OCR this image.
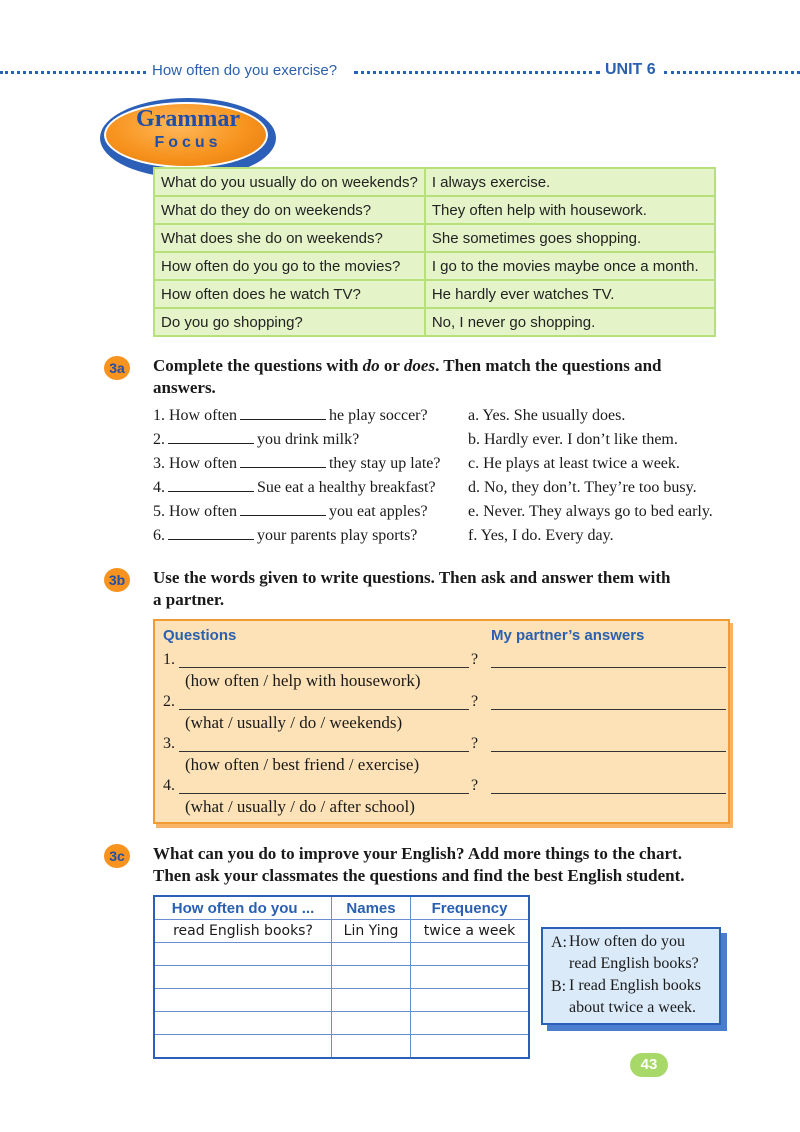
How often do you exercise?	UNIT 6
Grammar
Focus
What do you usually do on weekends?	I always exercise.
What do they do on weekends?	They often help with housework.
What does she do on weekends?	She sometimes goes shopping.
How often do you go to the movies?	I go to the movies maybe once a month.
How often does he watch TV?	He hardly ever watches TV.
Do you go shopping?	No, I never go shopping.
3a	Complete the questions with do or does. Then match the questions and
answers.
1. How often	he play soccer?
2.	you drink milk?
3. How often	they stay up late?
4.	Sue eat a healthy breakfast?
5. How often	you eat apples?
6.	your parents play sports?
a. Yes. She usually does.
b. Hardly ever. I don’t like them.
c. He plays at least twice a week.
d. No, they don’t. They’re too busy.
e. Never. They always go to bed early.
f. Yes, I do. Every day.
3b Use the words given to write questions. Then ask and answer them with
a partner.
Questions	My partner’s answers
1.	?
(how often / help with housework)
2.	?
(what / usually / do / weekends)
3.	?
(how often / best friend / exercise)
4.	?
(what / usually / do / after school)
3c	What can you do to improve your English? Add more things to the chart.
Then ask your classmates the questions and find the best English student.
How often do you ...	Names	Frequency
read English books?	Lin Ying	twice a week

A: How often do you
read English books?
B: I read English books
about twice a week.
43
